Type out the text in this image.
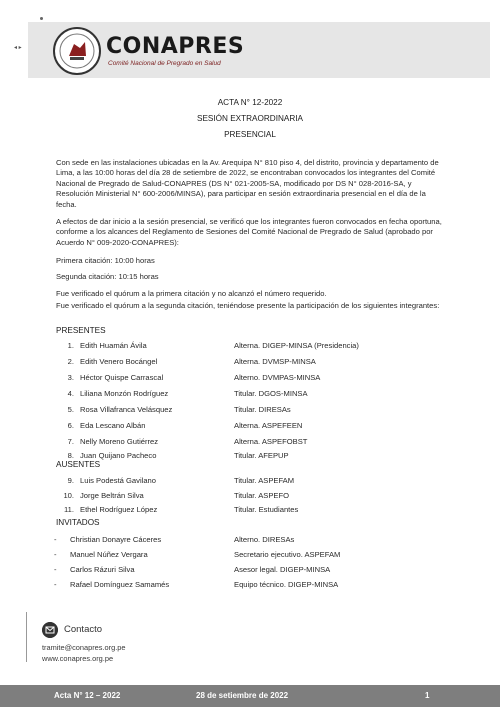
◂ ▸	CONAPRES
Comité Nacional de Pregrado en Salud
ACTA N° 12-2022
SESIÓN EXTRAORDINARIA
PRESENCIAL
Con sede en las instalaciones ubicadas en la Av. Arequipa N° 810 piso 4, del distrito, provincia y departamento de Lima, a las 10:00 horas del día 28 de setiembre de 2022, se encontraban convocados los integrantes del Comité Nacional de Pregrado de Salud-CONAPRES (DS N° 021-2005-SA, modificado por DS N° 028-2016-SA, y Resolución Ministerial N° 600-2006/MINSA), para participar en sesión extraordinaria presencial en el día de la fecha.
A efectos de dar inicio a la sesión presencial, se verificó que los integrantes fueron convocados en fecha oportuna, conforme a los alcances del Reglamento de Sesiones del Comité Nacional de Pregrado de Salud (aprobado por Acuerdo N° 009-2020-CONAPRES):
Primera citación: 10:00 horas
Segunda citación: 10:15 horas
Fue verificado el quórum a la primera citación y no alcanzó el número requerido.
Fue verificado el quórum a la segunda citación, teniéndose presente la participación de los siguientes integrantes:
PRESENTES
1. Edith Huamán Ávila	Alterna. DIGEP-MINSA (Presidencia)
2. Edith Venero Bocángel	Alterna. DVMSP-MINSA
3. Héctor Quispe Carrascal	Alterno. DVMPAS-MINSA
4. Liliana Monzón Rodríguez	Titular. DGOS-MINSA
5. Rosa Villafranca Velásquez	Titular. DIRESAs
6. Eda Lescano Albán	Alterna. ASPEFEEN
7. Nelly Moreno Gutiérrez	Alterna. ASPEFOBST
8. Juan Quijano Pacheco	Titular. AFEPUP
AUSENTES
9. Luis Podestá Gavilano	Titular. ASPEFAM
10. Jorge Beltrán Silva	Titular. ASPEFO
11. Ethel Rodríguez López	Titular. Estudiantes
INVITADOS
-	Christian Donayre Cáceres	Alterno. DIRESAs
-	Manuel Núñez Vergara	Secretario ejecutivo. ASPEFAM
-	Carlos Rázuri Silva	Asesor legal. DIGEP-MINSA
-	Rafael Domínguez Samamés	Equipo técnico. DIGEP-MINSA
Contacto
tramite@conapres.org.pe
www.conapres.org.pe
Acta N° 12 – 2022	28 de setiembre de 2022	1
